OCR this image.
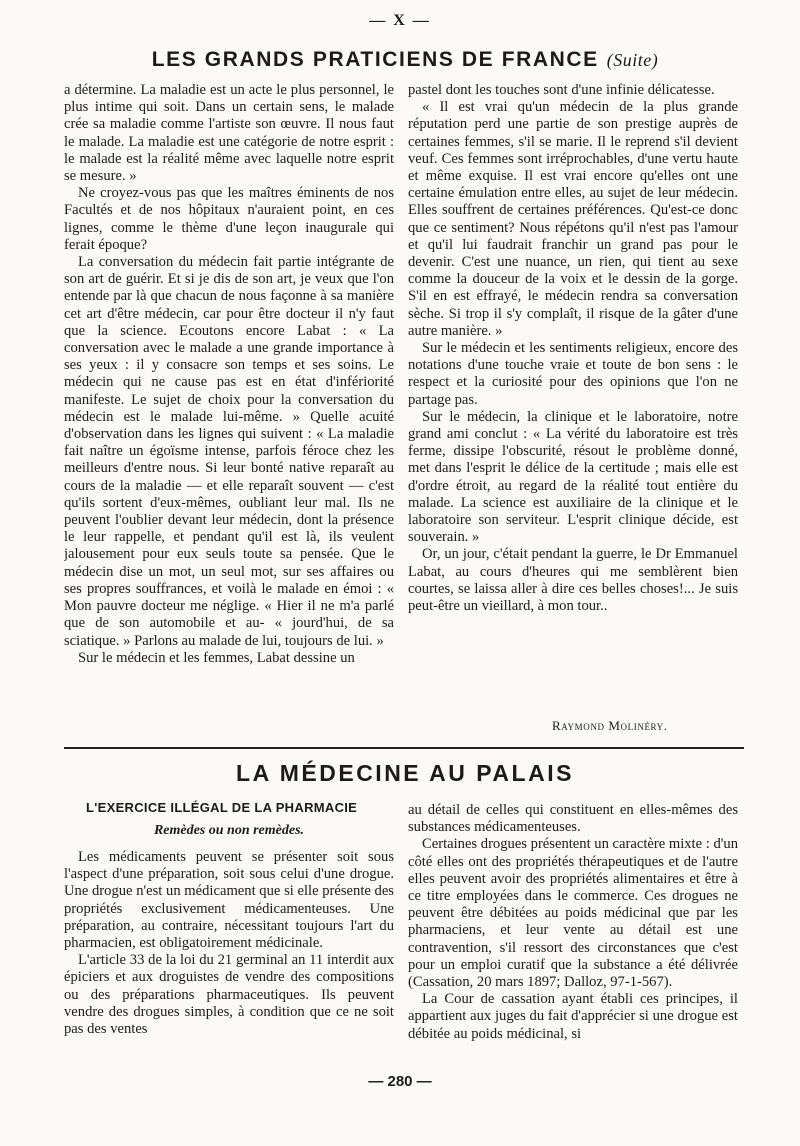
— X —
LES GRANDS PRATICIENS DE FRANCE (Suite)

a détermine. La maladie est un acte le plus personnel, le plus intime qui soit. Dans un certain sens, le malade crée sa maladie comme l'artiste son œuvre. Il nous faut le malade. La maladie est une catégorie de notre esprit : le malade est la réalité même avec laquelle notre esprit se mesure. »

Ne croyez-vous pas que les maîtres éminents de nos Facultés et de nos hôpitaux n'auraient point, en ces lignes, comme le thème d'une leçon inaugurale qui ferait époque?

La conversation du médecin fait partie intégrante de son art de guérir. Et si je dis de son art, je veux que l'on entende par là que chacun de nous façonne à sa manière cet art d'être médecin, car pour être docteur il n'y faut que la science. Ecoutons encore Labat : « La conversation avec le malade a une grande importance à ses yeux : il y consacre son temps et ses soins. Le médecin qui ne cause pas est en état d'infériorité manifeste. Le sujet de choix pour la conversation du médecin est le malade lui-même. » Quelle acuité d'observation dans les lignes qui suivent : « La maladie fait naître un égoïsme intense, parfois féroce chez les meilleurs d'entre nous. Si leur bonté native reparaît au cours de la maladie — et elle reparaît souvent — c'est qu'ils sortent d'eux-mêmes, oubliant leur mal. Ils ne peuvent l'oublier devant leur médecin, dont la présence le leur rappelle, et pendant qu'il est là, ils veulent jalousement pour eux seuls toute sa pensée. Que le médecin dise un mot, un seul mot, sur ses affaires ou ses propres souffrances, et voilà le malade en émoi : « Mon pauvre docteur me néglige. « Hier il ne m'a parlé que de son automobile et au- « jourd'hui, de sa sciatique. » Parlons au malade de lui, toujours de lui. »

Sur le médecin et les femmes, Labat dessine un

pastel dont les touches sont d'une infinie délicatesse.

« Il est vrai qu'un médecin de la plus grande réputation perd une partie de son prestige auprès de certaines femmes, s'il se marie. Il le reprend s'il devient veuf. Ces femmes sont irréprochables, d'une vertu haute et même exquise. Il est vrai encore qu'elles ont une certaine émulation entre elles, au sujet de leur médecin. Elles souffrent de certaines préférences. Qu'est-ce donc que ce sentiment? Nous répétons qu'il n'est pas l'amour et qu'il lui faudrait franchir un grand pas pour le devenir. C'est une nuance, un rien, qui tient au sexe comme la douceur de la voix et le dessin de la gorge. S'il en est effrayé, le médecin rendra sa conversation sèche. Si trop il s'y complaît, il risque de la gâter d'une autre manière. »

Sur le médecin et les sentiments religieux, encore des notations d'une touche vraie et toute de bon sens : le respect et la curiosité pour des opinions que l'on ne partage pas.

Sur le médecin, la clinique et le laboratoire, notre grand ami conclut : « La vérité du laboratoire est très ferme, dissipe l'obscurité, résout le problème donné, met dans l'esprit le délice de la certitude ; mais elle est d'ordre étroit, au regard de la réalité tout entière du malade. La science est auxiliaire de la clinique et le laboratoire son serviteur. L'esprit clinique décide, est souverain. »

Or, un jour, c'était pendant la guerre, le Dr Emmanuel Labat, au cours d'heures qui me semblèrent bien courtes, se laissa aller à dire ces belles choses!... Je suis peut-être un vieillard, à mon tour..

Raymond Molinéry.
LA MÉDECINE AU PALAIS
L'EXERCICE ILLÉGAL DE LA PHARMACIE
Remèdes ou non remèdes.

Les médicaments peuvent se présenter soit sous l'aspect d'une préparation, soit sous celui d'une drogue. Une drogue n'est un médicament que si elle présente des propriétés exclusivement médicamenteuses. Une préparation, au contraire, nécessitant toujours l'art du pharmacien, est obligatoirement médicinale.

L'article 33 de la loi du 21 germinal an 11 interdit aux épiciers et aux droguistes de vendre des compositions ou des préparations pharmaceutiques. Ils peuvent vendre des drogues simples, à condition que ce ne soit pas des ventes

au détail de celles qui constituent en elles-mêmes des substances médicamenteuses.

Certaines drogues présentent un caractère mixte : d'un côté elles ont des propriétés thérapeutiques et de l'autre elles peuvent avoir des propriétés alimentaires et être à ce titre employées dans le commerce. Ces drogues ne peuvent être débitées au poids médicinal que par les pharmaciens, et leur vente au détail est une contravention, s'il ressort des circonstances que c'est pour un emploi curatif que la substance a été délivrée (Cassation, 20 mars 1897; Dalloz, 97-1-567).

La Cour de cassation ayant établi ces principes, il appartient aux juges du fait d'apprécier si une drogue est débitée au poids médicinal, si

— 280 —
